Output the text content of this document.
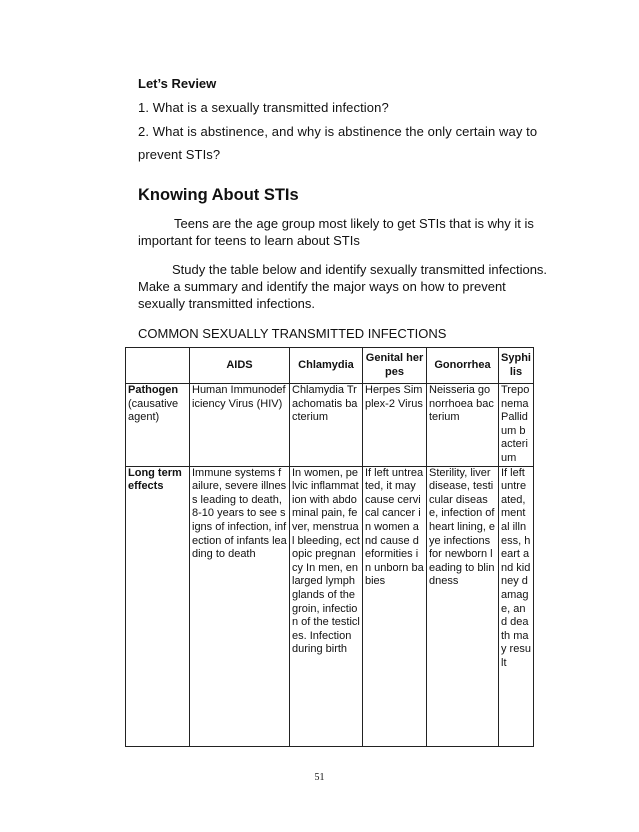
Let’s Review
1. What is a sexually transmitted infection?
2. What is abstinence, and why is abstinence the only certain way to
prevent STIs?
Knowing About STIs
Teens are the age group most likely to get STIs that is why it is important for teens to learn about STIs
Study the table below and identify sexually transmitted infections. Make a summary and identify the major ways on how to prevent sexually transmitted infections.
COMMON SEXUALLY TRANSMITTED INFECTIONS
	AIDS	Chlamydia	Genital herpes	Gonorrhea	Syphilis
Pathogen
(causative agent)	Human Immunodeficiency Virus (HIV)	Chlamydia Trachomatis bacterium	Herpes Simplex-2 Virus	Neisseria gonorrhoea bacterium	Treponema Pallidum bacterium
Long term effects	Immune systems failure, severe illness leading to death,8-10 years to see signs of infection, infection of infants leading to death	In women, pelvic inflammation with abdominal pain, fever, menstrual bleeding, ectopic pregnancy In men, enlarged lymph glands of the groin, infection of the testicles. Infection during birth	If left untreated, it may cause cervical cancer in women and cause deformities in unborn babies	Sterility, liver disease, testicular disease, infection of heart lining, eye infections for newborn leading to blindness	If left untreated, mental illness, heart and kidney damage, and death may result
51
